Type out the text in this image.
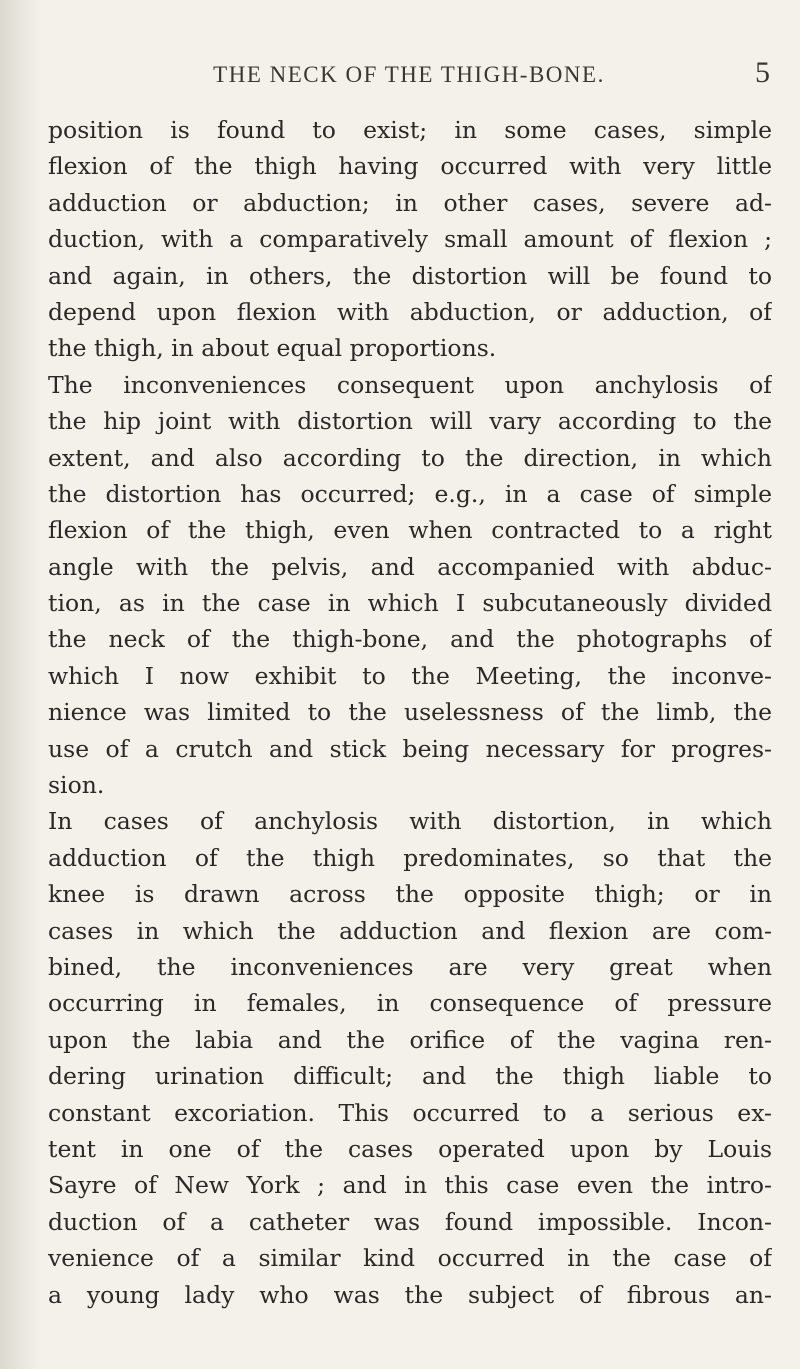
THE NECK OF THE THIGH-BONE.	5
position is found to exist; in some cases, simple
flexion of the thigh having occurred with very little
adduction or abduction; in other cases, severe ad-
duction, with a comparatively small amount of flexion ;
and again, in others, the distortion will be found to
depend upon flexion with abduction, or adduction, of
the thigh, in about equal proportions.
The inconveniences consequent upon anchylosis of
the hip joint with distortion will vary according to the
extent, and also according to the direction, in which
the distortion has occurred; e.g., in a case of simple
flexion of the thigh, even when contracted to a right
angle with the pelvis, and accompanied with abduc-
tion, as in the case in which I subcutaneously divided
the neck of the thigh-bone, and the photographs of
which I now exhibit to the Meeting, the inconve-
nience was limited to the uselessness of the limb, the
use of a crutch and stick being necessary for progres-
sion.
In cases of anchylosis with distortion, in which
adduction of the thigh predominates, so that the
knee is drawn across the opposite thigh; or in
cases in which the adduction and flexion are com-
bined, the inconveniences are very great when
occurring in females, in consequence of pressure
upon the labia and the orifice of the vagina ren-
dering urination difficult; and the thigh liable to
constant excoriation. This occurred to a serious ex-
tent in one of the cases operated upon by Louis
Sayre of New York ; and in this case even the intro-
duction of a catheter was found impossible. Incon-
venience of a similar kind occurred in the case of
a young lady who was the subject of fibrous an-
